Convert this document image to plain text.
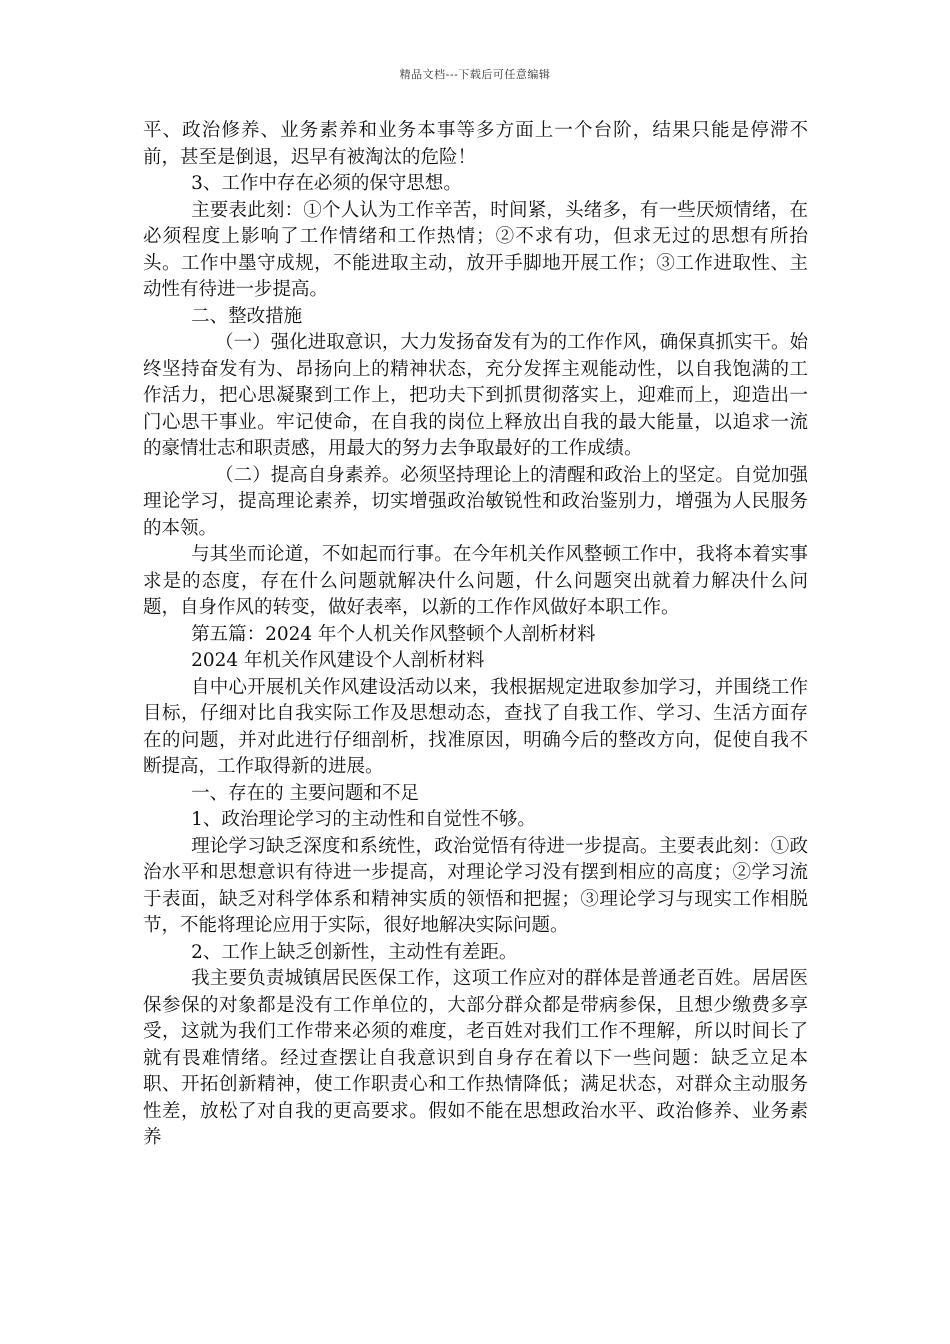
精品文档---下载后可任意编辑

平、政治修养、业务素养和业务本事等多方面上一个台阶，结果只能是停滞不前，甚至是倒退，迟早有被淘汰的危险！

3、工作中存在必须的保守思想。

主要表此刻：①个人认为工作辛苦，时间紧，头绪多，有一些厌烦情绪，在必须程度上影响了工作情绪和工作热情；②不求有功，但求无过的思想有所抬头。工作中墨守成规，不能进取主动，放开手脚地开展工作；③工作进取性、主动性有待进一步提高。

二、整改措施

（一）强化进取意识，大力发扬奋发有为的工作作风，确保真抓实干。始终坚持奋发有为、昂扬向上的精神状态，充分发挥主观能动性，以自我饱满的工作活力，把心思凝聚到工作上，把功夫下到抓贯彻落实上，迎难而上，迎造出一门心思干事业。牢记使命，在自我的岗位上释放出自我的最大能量，以追求一流的豪情壮志和职责感，用最大的努力去争取最好的工作成绩。

（二）提高自身素养。必须坚持理论上的清醒和政治上的坚定。自觉加强理论学习，提高理论素养，切实增强政治敏锐性和政治鉴别力，增强为人民服务的本领。

与其坐而论道，不如起而行事。在今年机关作风整顿工作中，我将本着实事求是的态度，存在什么问题就解决什么问题，什么问题突出就着力解决什么问题，自身作风的转变，做好表率，以新的工作作风做好本职工作。

第五篇：2024 年个人机关作风整顿个人剖析材料

2024 年机关作风建设个人剖析材料

自中心开展机关作风建设活动以来，我根据规定进取参加学习，并围绕工作目标，仔细对比自我实际工作及思想动态，查找了自我工作、学习、生活方面存在的问题，并对此进行仔细剖析，找准原因，明确今后的整改方向，促使自我不断提高，工作取得新的进展。

一、存在的 主要问题和不足

1、政治理论学习的主动性和自觉性不够。

理论学习缺乏深度和系统性，政治觉悟有待进一步提高。主要表此刻：①政治水平和思想意识有待进一步提高，对理论学习没有摆到相应的高度；②学习流于表面，缺乏对科学体系和精神实质的领悟和把握；③理论学习与现实工作相脱节，不能将理论应用于实际，很好地解决实际问题。

2、工作上缺乏创新性，主动性有差距。

我主要负责城镇居民医保工作，这项工作应对的群体是普通老百姓。居居医保参保的对象都是没有工作单位的，大部分群众都是带病参保，且想少缴费多享受，这就为我们工作带来必须的难度，老百姓对我们工作不理解，所以时间长了就有畏难情绪。经过查摆让自我意识到自身存在着以下一些问题：缺乏立足本职、开拓创新精神，使工作职责心和工作热情降低；满足状态，对群众主动服务性差，放松了对自我的更高要求。假如不能在思想政治水平、政治修养、业务素养
